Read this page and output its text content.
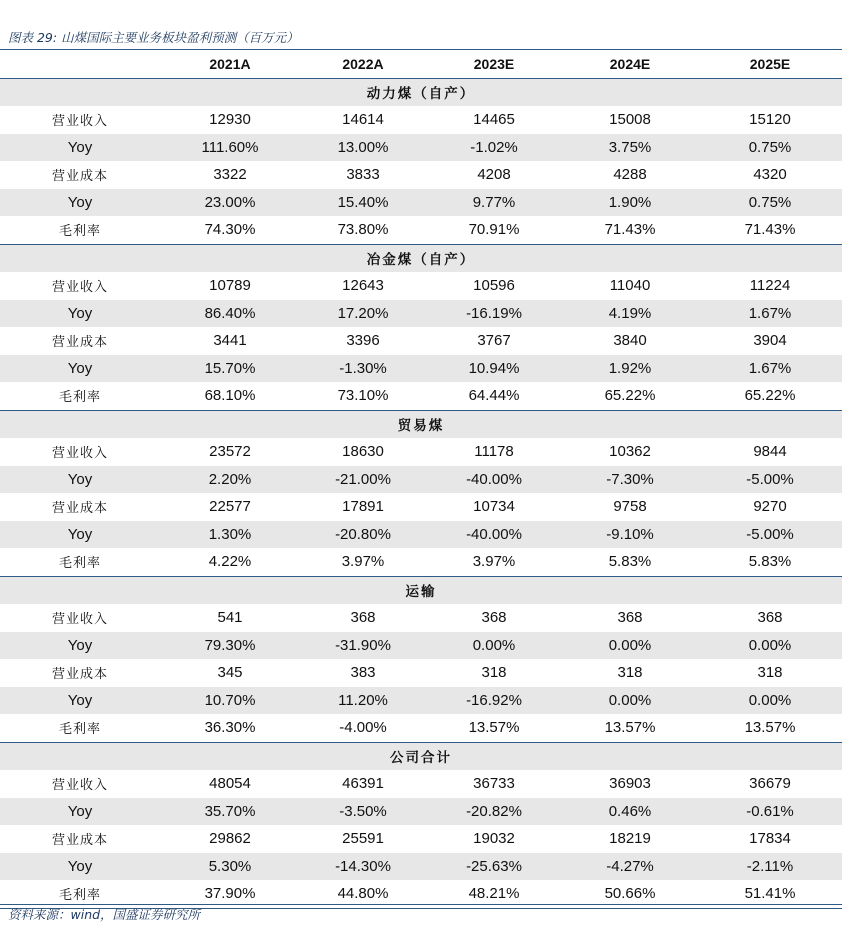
图表 29: 山煤国际主要业务板块盈利预测（百万元）
2021A	2022A	2023E	2024E	2025E
动力煤（自产）
营业收入	12930	14614	14465	15008	15120
Yoy	111.60%	13.00%	-1.02%	3.75%	0.75%
营业成本	3322	3833	4208	4288	4320
Yoy	23.00%	15.40%	9.77%	1.90%	0.75%
毛利率	74.30%	73.80%	70.91%	71.43%	71.43%
冶金煤（自产）
营业收入	10789	12643	10596	11040	11224
Yoy	86.40%	17.20%	-16.19%	4.19%	1.67%
营业成本	3441	3396	3767	3840	3904
Yoy	15.70%	-1.30%	10.94%	1.92%	1.67%
毛利率	68.10%	73.10%	64.44%	65.22%	65.22%
贸易煤
营业收入	23572	18630	11178	10362	9844
Yoy	2.20%	-21.00%	-40.00%	-7.30%	-5.00%
营业成本	22577	17891	10734	9758	9270
Yoy	1.30%	-20.80%	-40.00%	-9.10%	-5.00%
毛利率	4.22%	3.97%	3.97%	5.83%	5.83%
运输
营业收入	541	368	368	368	368
Yoy	79.30%	-31.90%	0.00%	0.00%	0.00%
营业成本	345	383	318	318	318
Yoy	10.70%	11.20%	-16.92%	0.00%	0.00%
毛利率	36.30%	-4.00%	13.57%	13.57%	13.57%
公司合计
营业收入	48054	46391	36733	36903	36679
Yoy	35.70%	-3.50%	-20.82%	0.46%	-0.61%
营业成本	29862	25591	19032	18219	17834
Yoy	5.30%	-14.30%	-25.63%	-4.27%	-2.11%
毛利率	37.90%	44.80%	48.21%	50.66%	51.41%
资料来源：wind，国盛证券研究所
